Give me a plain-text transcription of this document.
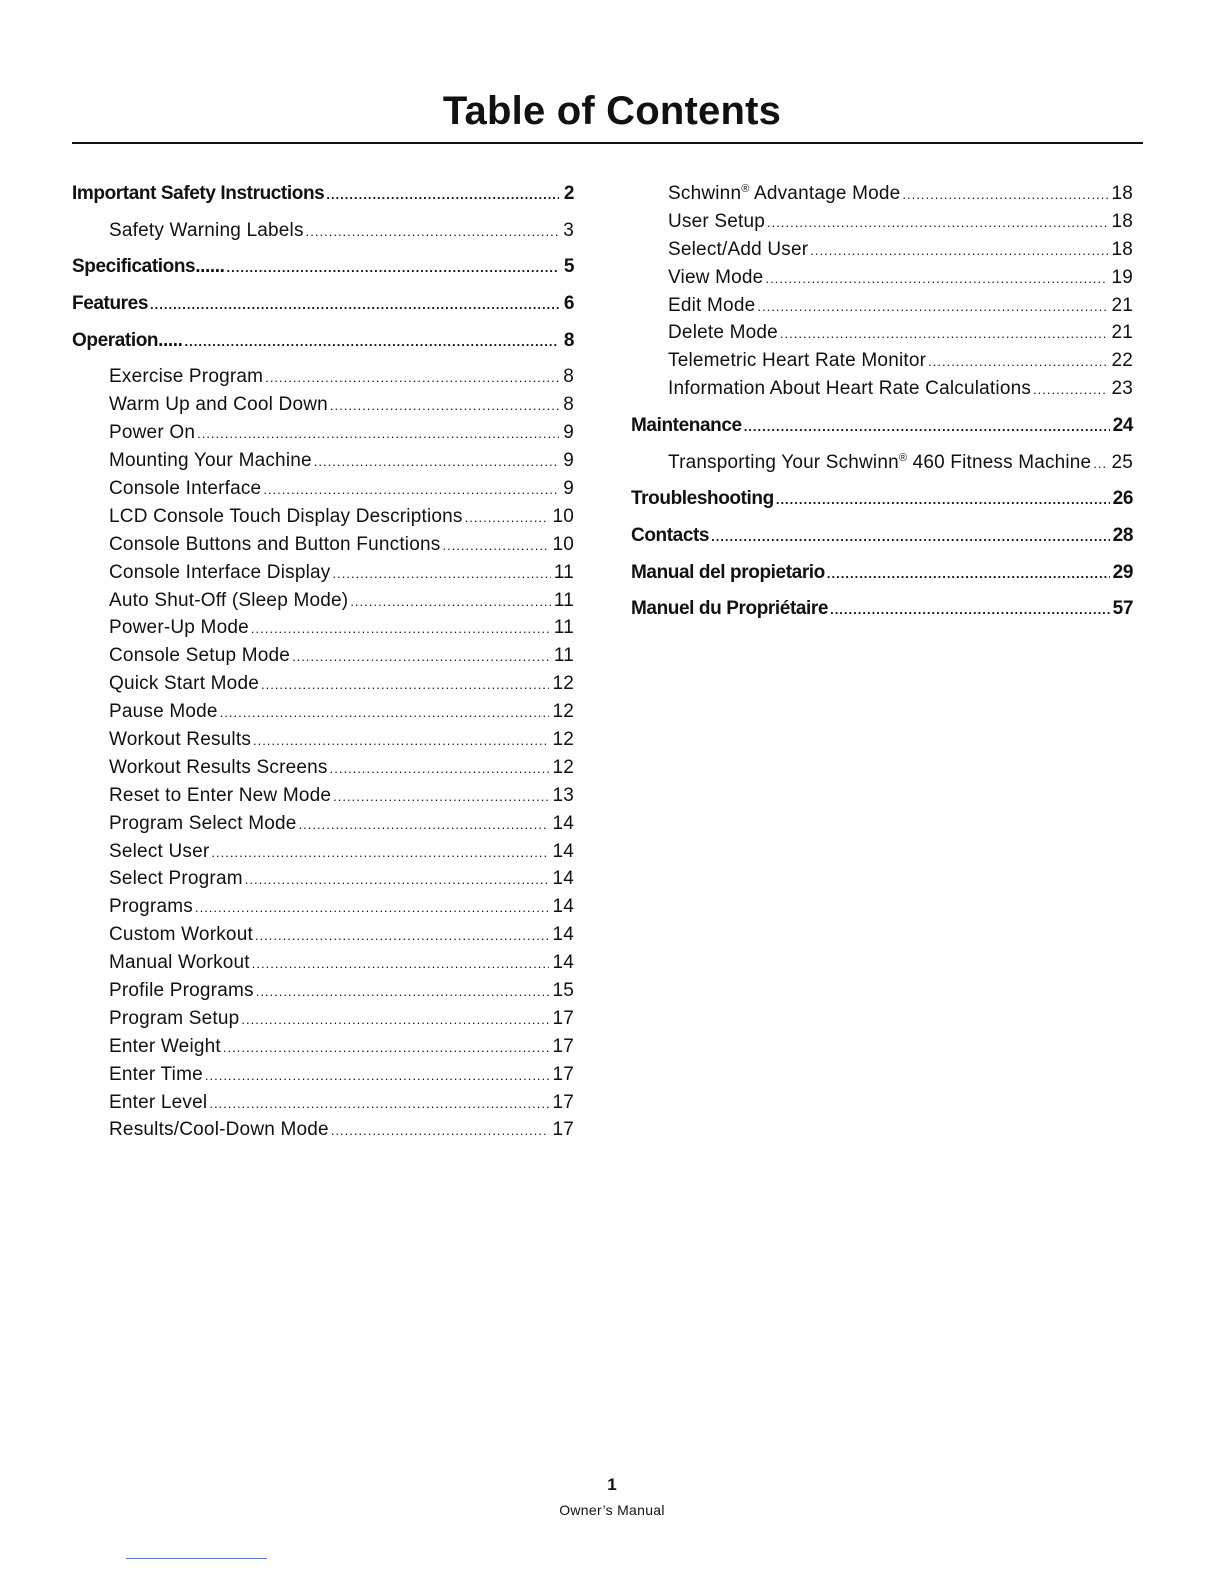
Table of Contents
Important Safety Instructions .....	2
Safety Warning Labels .....	3
Specifications...... .....	5
Features .....	6
Operation..... .....	8
Exercise Program .....	8
Warm Up and Cool Down .....	8
Power On .....	9
Mounting Your Machine .....	9
Console Interface .....	9
LCD Console Touch Display Descriptions .....	10
Console Buttons and Button Functions .....	10
Console Interface Display .....	11
Auto Shut-Off (Sleep Mode) .....	11
Power-Up Mode .....	11
Console Setup Mode .....	11
Quick Start Mode .....	12
Pause Mode .....	12
Workout Results .....	12
Workout Results Screens .....	12
Reset to Enter New Mode .....	13
Program Select Mode .....	14
Select User .....	14
Select Program .....	14
Programs .....	14
Custom Workout .....	14
Manual Workout .....	14
Profile Programs .....	15
Program Setup .....	17
Enter Weight .....	17
Enter Time .....	17
Enter Level .....	17
Results/Cool-Down Mode .....	17
Schwinn® Advantage Mode .....	18
User Setup .....	18
Select/Add User .....	18
View Mode .....	19
Edit Mode .....	21
Delete Mode .....	21
Telemetric Heart Rate Monitor .....	22
Information About Heart Rate Calculations .....	23
Maintenance .....	24
Transporting Your Schwinn® 460 Fitness Machine ..... 25
Troubleshooting .....	26
Contacts .....	28
Manual del propietario .....	29
Manuel du Propriétaire .....	57
1
Owner’s Manual
